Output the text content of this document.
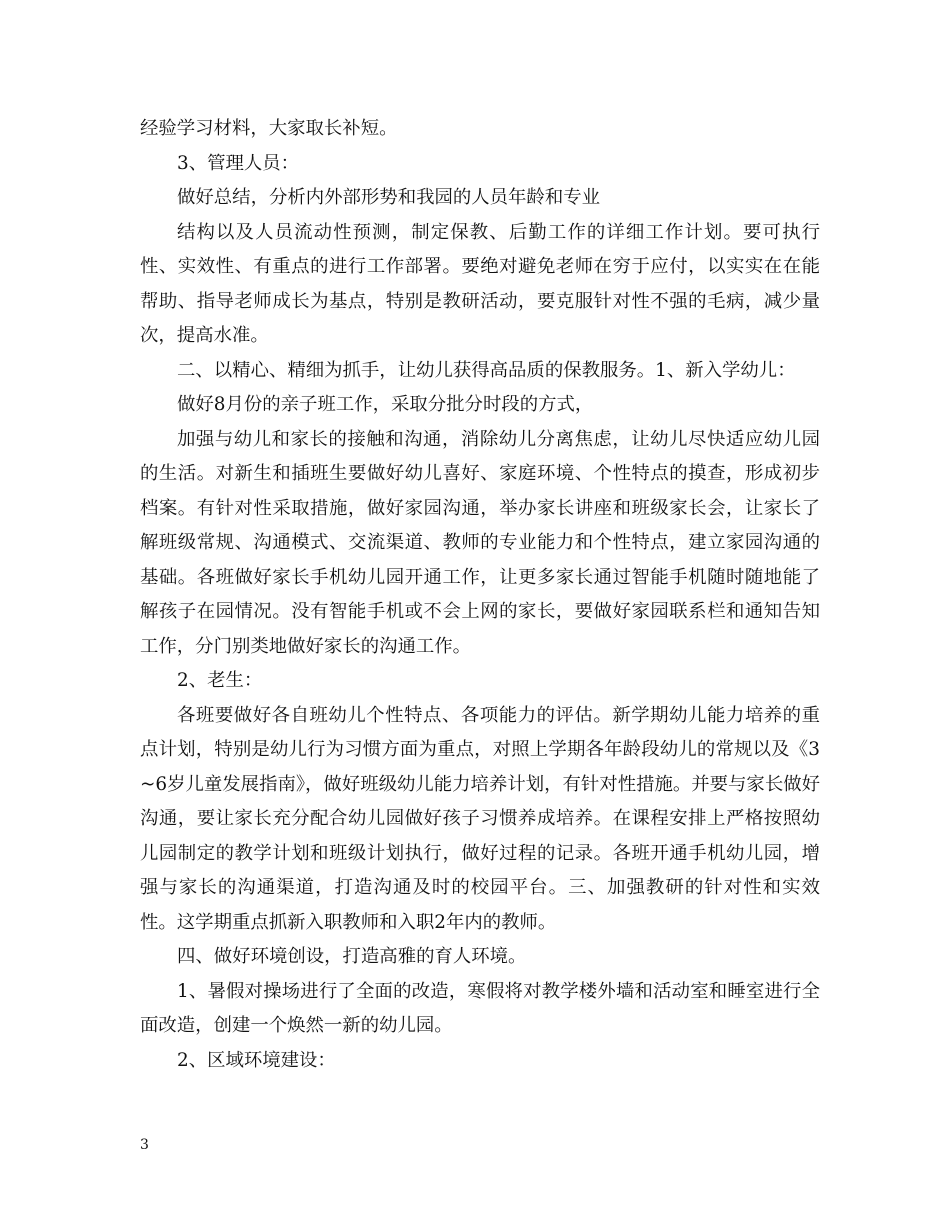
经验学习材料，大家取长补短。

3、管理人员：

做好总结，分析内外部形势和我园的人员年龄和专业

结构以及人员流动性预测，制定保教、后勤工作的详细工作计划。要可执行性、实效性、有重点的进行工作部署。要绝对避免老师在穷于应付，以实实在在能帮助、指导老师成长为基点，特别是教研活动，要克服针对性不强的毛病，减少量次，提高水准。

二、以精心、精细为抓手，让幼儿获得高品质的保教服务。1、新入学幼儿：

做好8月份的亲子班工作，采取分批分时段的方式，

加强与幼儿和家长的接触和沟通，消除幼儿分离焦虑，让幼儿尽快适应幼儿园的生活。对新生和插班生要做好幼儿喜好、家庭环境、个性特点的摸查，形成初步档案。有针对性采取措施，做好家园沟通，举办家长讲座和班级家长会，让家长了解班级常规、沟通模式、交流渠道、教师的专业能力和个性特点，建立家园沟通的基础。各班做好家长手机幼儿园开通工作，让更多家长通过智能手机随时随地能了解孩子在园情况。没有智能手机或不会上网的家长，要做好家园联系栏和通知告知工作，分门别类地做好家长的沟通工作。

2、老生：

各班要做好各自班幼儿个性特点、各项能力的评估。新学期幼儿能力培养的重点计划，特别是幼儿行为习惯方面为重点，对照上学期各年龄段幼儿的常规以及《3~6岁儿童发展指南》，做好班级幼儿能力培养计划，有针对性措施。并要与家长做好沟通，要让家长充分配合幼儿园做好孩子习惯养成培养。在课程安排上严格按照幼儿园制定的教学计划和班级计划执行，做好过程的记录。各班开通手机幼儿园，增强与家长的沟通渠道，打造沟通及时的校园平台。三、加强教研的针对性和实效性。这学期重点抓新入职教师和入职2年内的教师。

四、做好环境创设，打造高雅的育人环境。

1、暑假对操场进行了全面的改造，寒假将对教学楼外墙和活动室和睡室进行全面改造，创建一个焕然一新的幼儿园。

2、区域环境建设：

3
